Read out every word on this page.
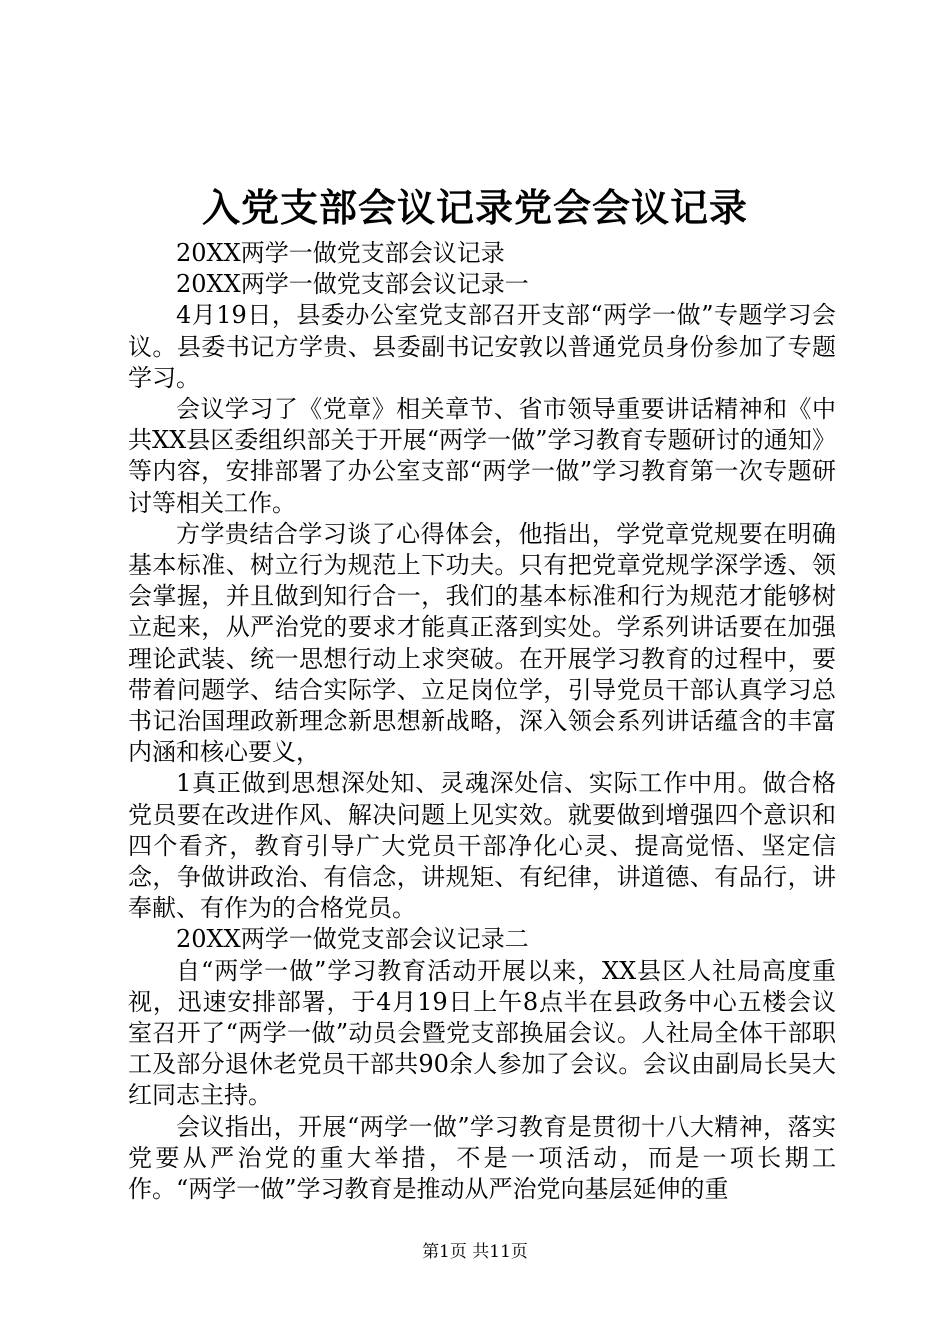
入党支部会议记录党会会议记录

20XX两学一做党支部会议记录

20XX两学一做党支部会议记录一

4月19日，县委办公室党支部召开支部“两学一做”专题学习会议。县委书记方学贵、县委副书记安敦以普通党员身份参加了专题学习。

会议学习了《党章》相关章节、省市领导重要讲话精神和《中共XX县区委组织部关于开展“两学一做”学习教育专题研讨的通知》等内容，安排部署了办公室支部“两学一做”学习教育第一次专题研讨等相关工作。

方学贵结合学习谈了心得体会，他指出，学党章党规要在明确基本标准、树立行为规范上下功夫。只有把党章党规学深学透、领会掌握，并且做到知行合一，我们的基本标准和行为规范才能够树立起来，从严治党的要求才能真正落到实处。学系列讲话要在加强理论武装、统一思想行动上求突破。在开展学习教育的过程中，要带着问题学、结合实际学、立足岗位学，引导党员干部认真学习总书记治国理政新理念新思想新战略，深入领会系列讲话蕴含的丰富内涵和核心要义，

1真正做到思想深处知、灵魂深处信、实际工作中用。做合格党员要在改进作风、解决问题上见实效。就要做到增强四个意识和四个看齐，教育引导广大党员干部净化心灵、提高觉悟、坚定信念，争做讲政治、有信念，讲规矩、有纪律，讲道德、有品行，讲奉献、有作为的合格党员。

20XX两学一做党支部会议记录二

自“两学一做”学习教育活动开展以来，XX县区人社局高度重视，迅速安排部署，于4月19日上午8点半在县政务中心五楼会议室召开了“两学一做”动员会暨党支部换届会议。人社局全体干部职工及部分退休老党员干部共90余人参加了会议。会议由副局长吴大红同志主持。

会议指出，开展“两学一做”学习教育是贯彻十八大精神，落实党要从严治党的重大举措，不是一项活动，而是一项长期工作。“两学一做”学习教育是推动从严治党向基层延伸的重

第1页 共11页
